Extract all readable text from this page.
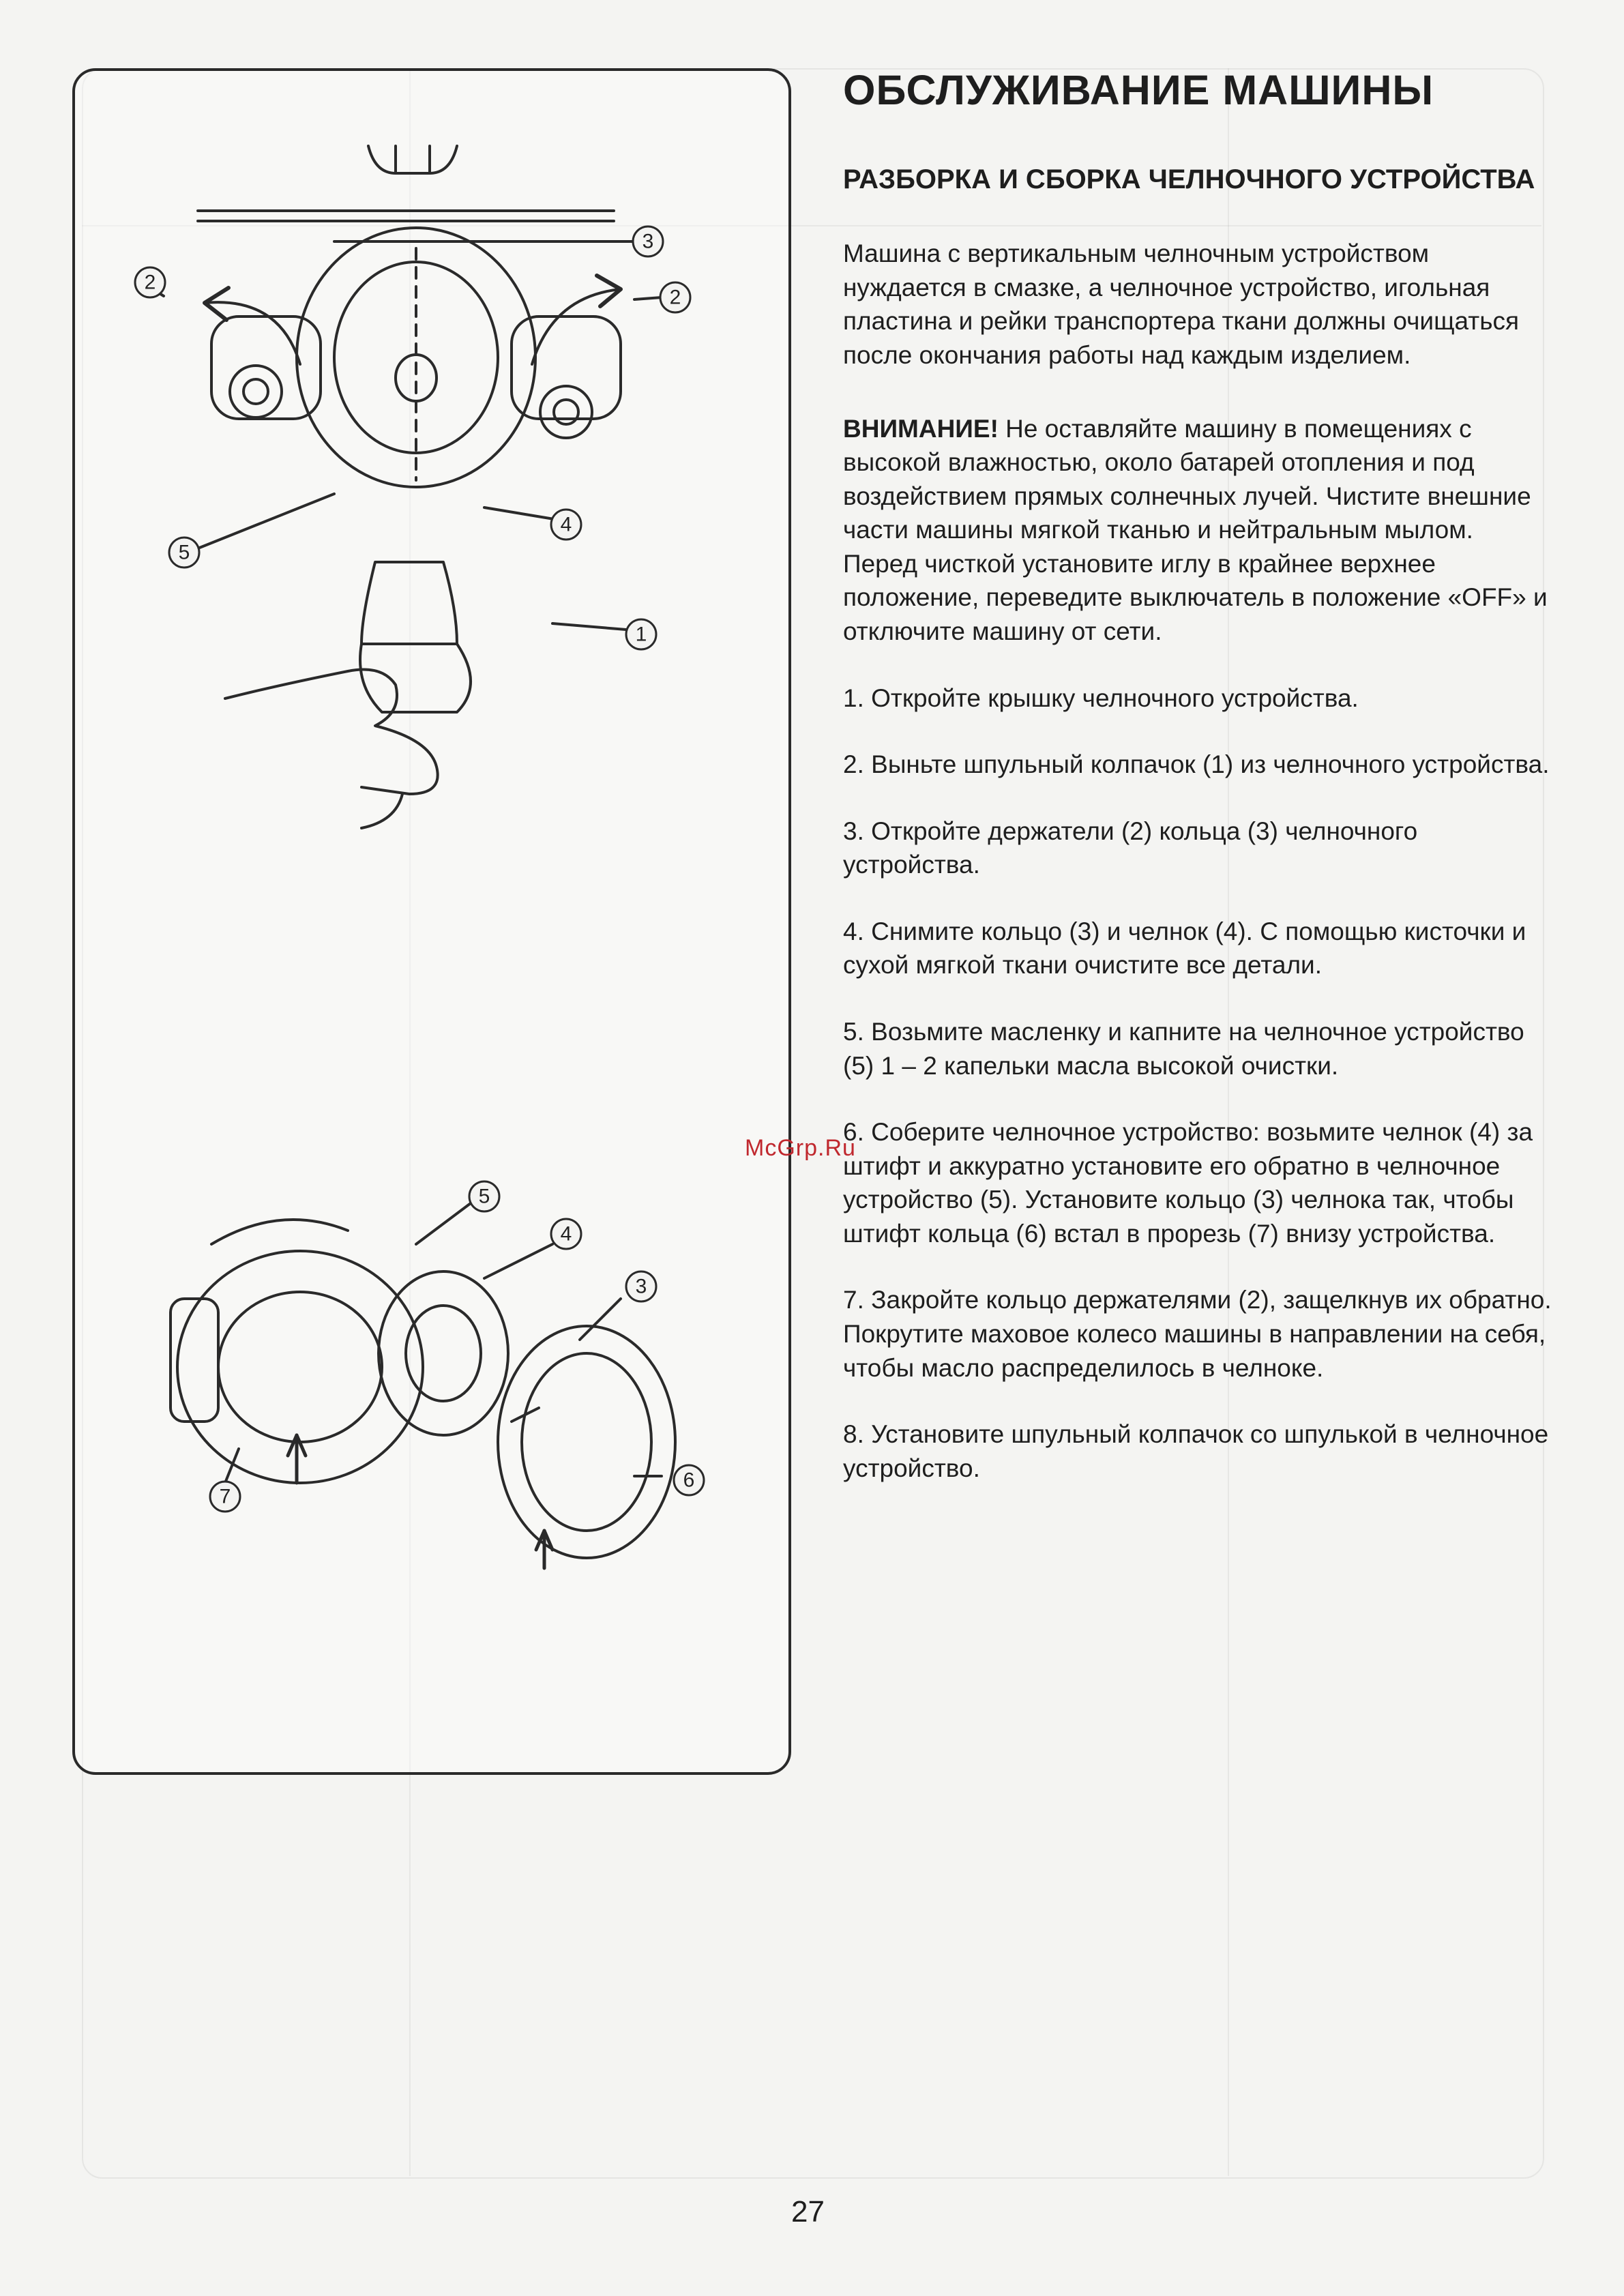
3
2
2
4
5
1
5
4
3
6
7
ОБСЛУЖИВАНИЕ МАШИНЫ
РАЗБОРКА И СБОРКА ЧЕЛНОЧНОГО УСТРОЙСТВА

Машина с вертикальным челночным устройством нуждается в смазке, а челночное устройство, игольная пластина и рейки транспортера ткани должны очищаться после окончания работы над каждым изделием.

ВНИМАНИЕ! Не оставляйте машину в помещениях с высокой влажностью, около батарей отопления и под воздействием прямых солнечных лучей. Чистите внешние части машины мягкой тканью и нейтральным мылом. Перед чисткой установите иглу в крайнее верхнее положение, переведите выключатель в положение «OFF» и отключите машину от сети.

1. Откройте крышку челночного устройства.

2. Выньте шпульный колпачок (1) из челночного устройства.

3. Откройте держатели (2) кольца (3) челночного устройства.

4. Снимите кольцо (3) и челнок (4). С помощью кисточки и сухой мягкой ткани очистите все детали.

5. Возьмите масленку и капните на челночное устройство (5) 1 – 2 капельки масла высокой очистки.

6. Соберите челночное устройство: возьмите челнок (4) за штифт и аккуратно установите его обратно в челночное устройство (5). Установите кольцо (3) челнока так, чтобы штифт кольца (6) встал в прорезь (7) внизу устройства.

7. Закройте кольцо держателями (2), защелкнув их обратно. Покрутите маховое колесо машины в направлении на себя, чтобы масло распределилось в челноке.

8. Установите шпульный колпачок со шпулькой в челночное устройство.

McGrp.Ru
27
